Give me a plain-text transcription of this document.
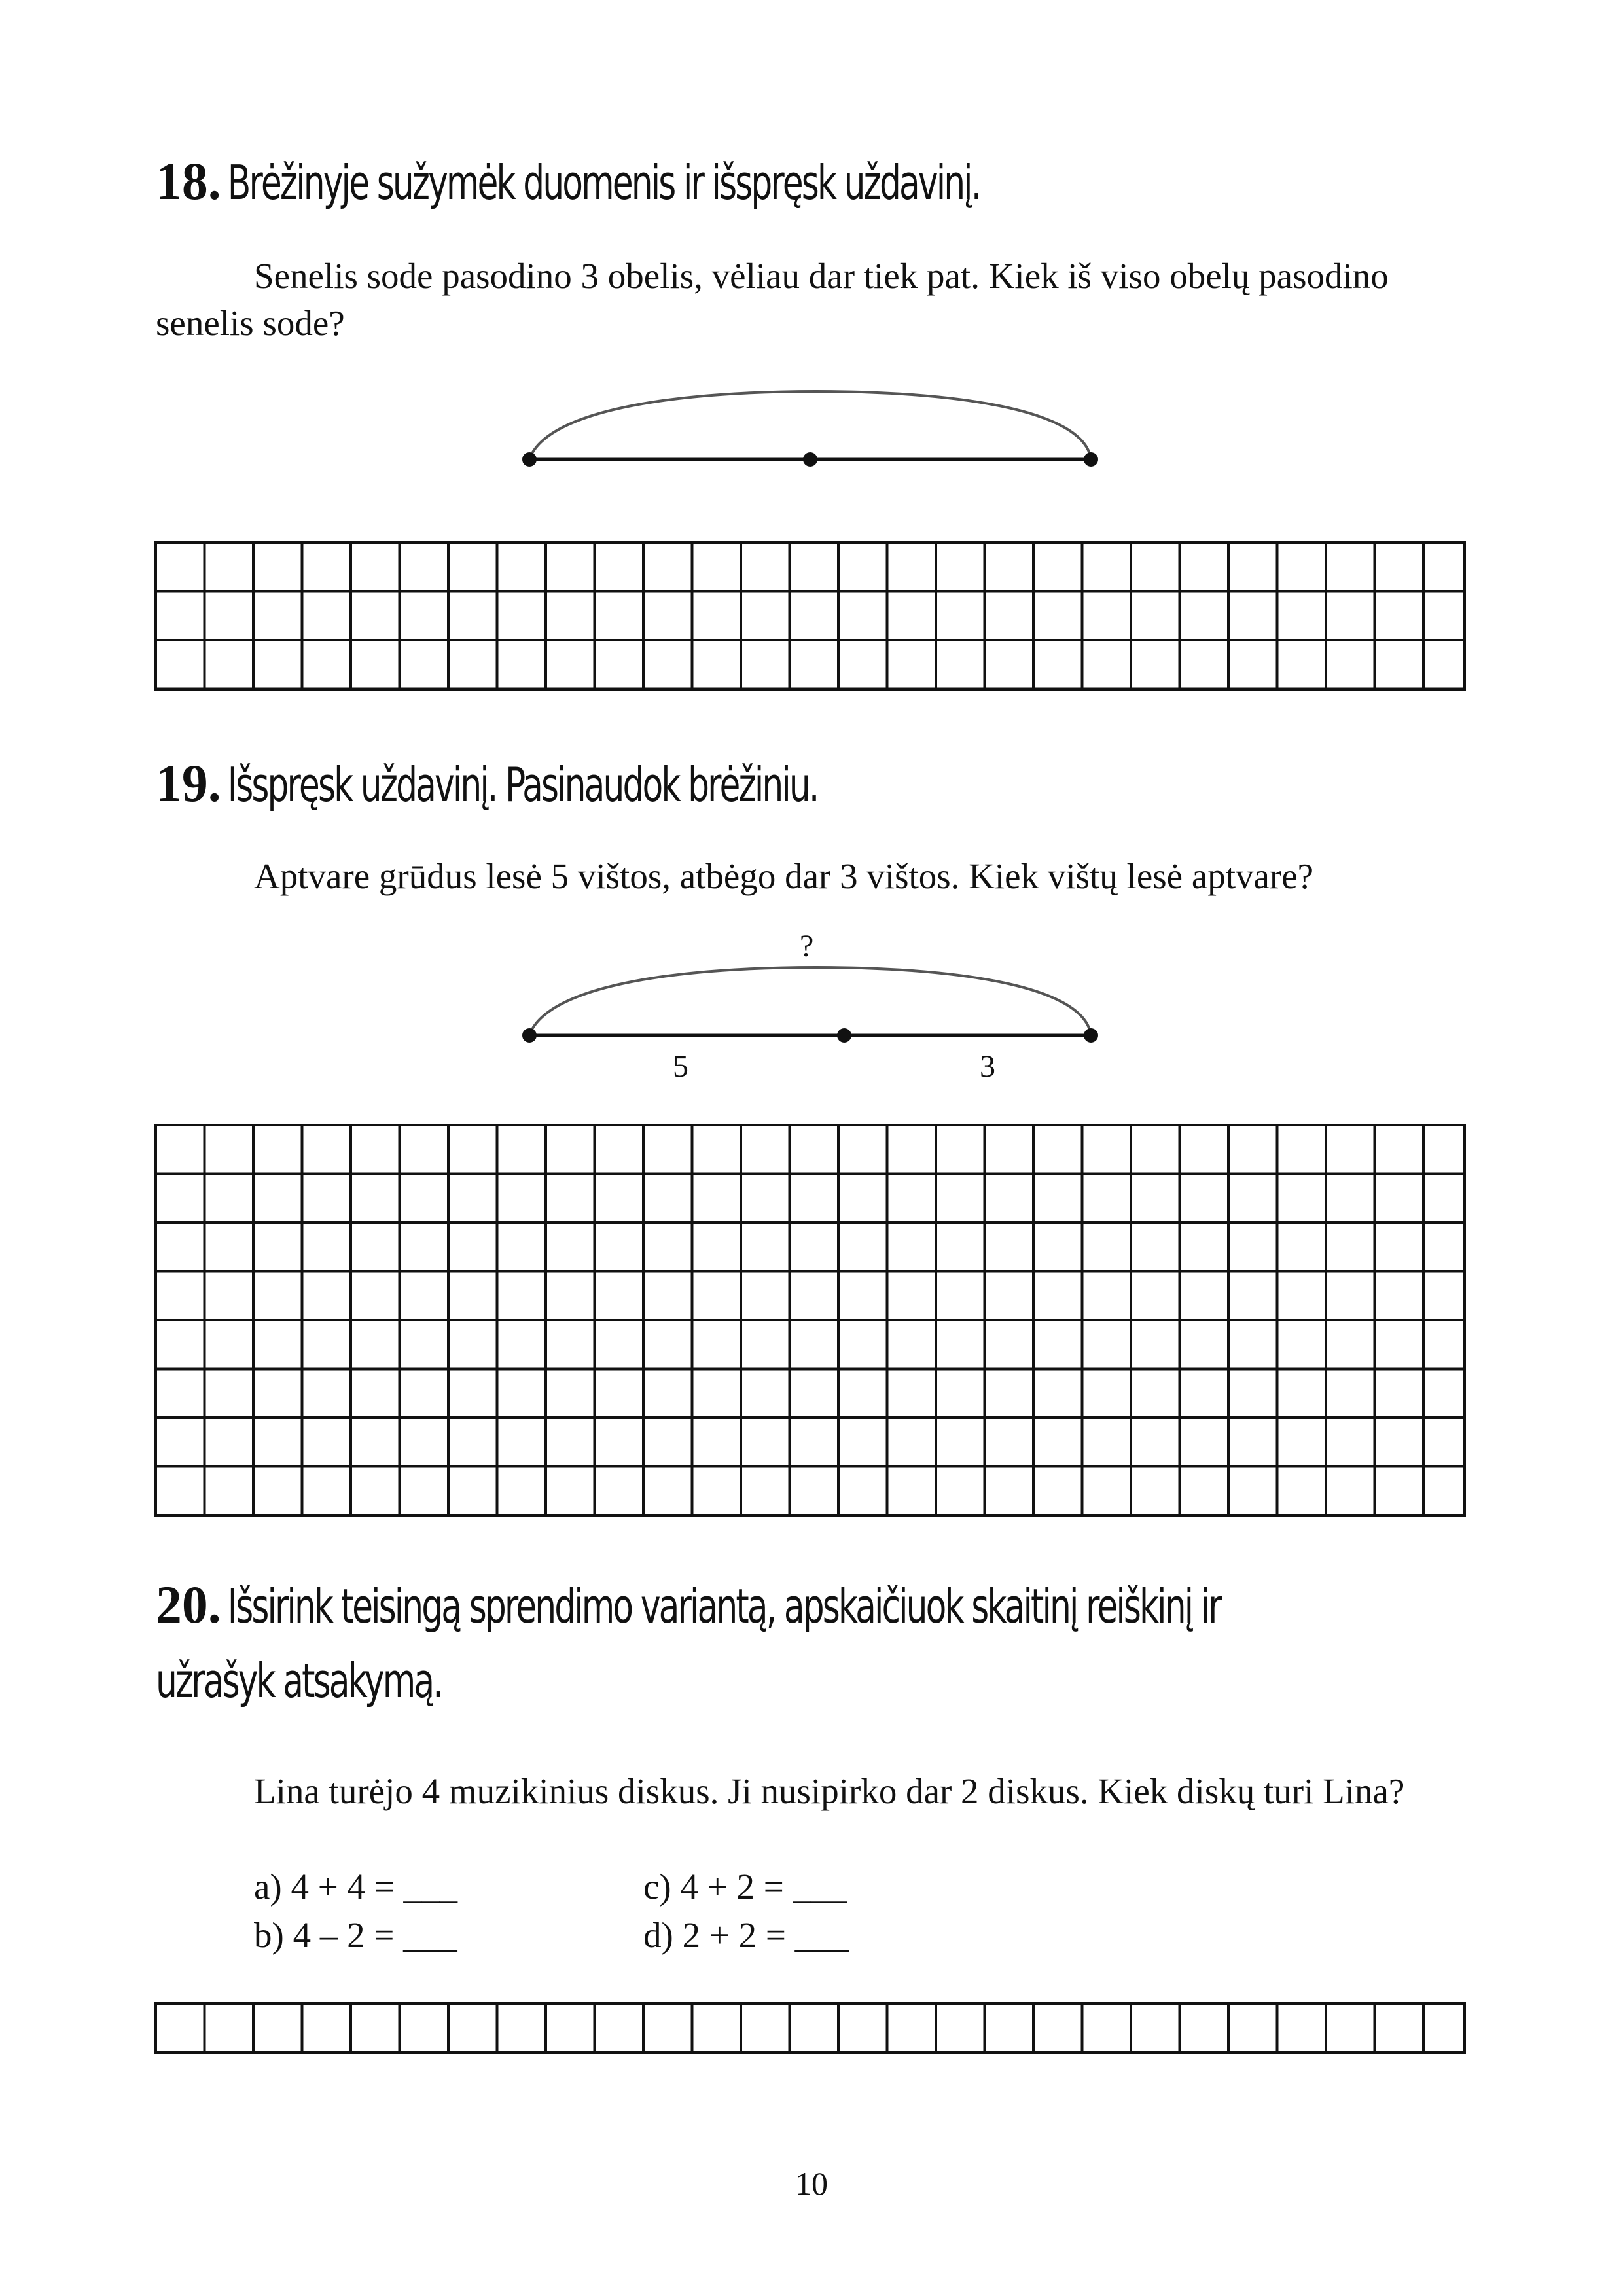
18. Brėžinyje sužymėk duomenis ir išspręsk uždavinį.
Senelis sode pasodino 3 obelis, vėliau dar tiek pat. Kiek iš viso obelų pasodino
senelis sode?
19. Išspręsk uždavinį. Pasinaudok brėžiniu.
Aptvare grūdus lesė 5 vištos, atbėgo dar 3 vištos. Kiek vištų lesė aptvare?
?
5	3
20. Išsirink teisingą sprendimo variantą, apskaičiuok skaitinį reiškinį ir
užrašyk atsakymą.
Lina turėjo 4 muzikinius diskus. Ji nusipirko dar 2 diskus. Kiek diskų turi Lina?
a) 4 + 4 = ___
b) 4 – 2 = ___
c) 4 + 2 = ___
d) 2 + 2 = ___
10
